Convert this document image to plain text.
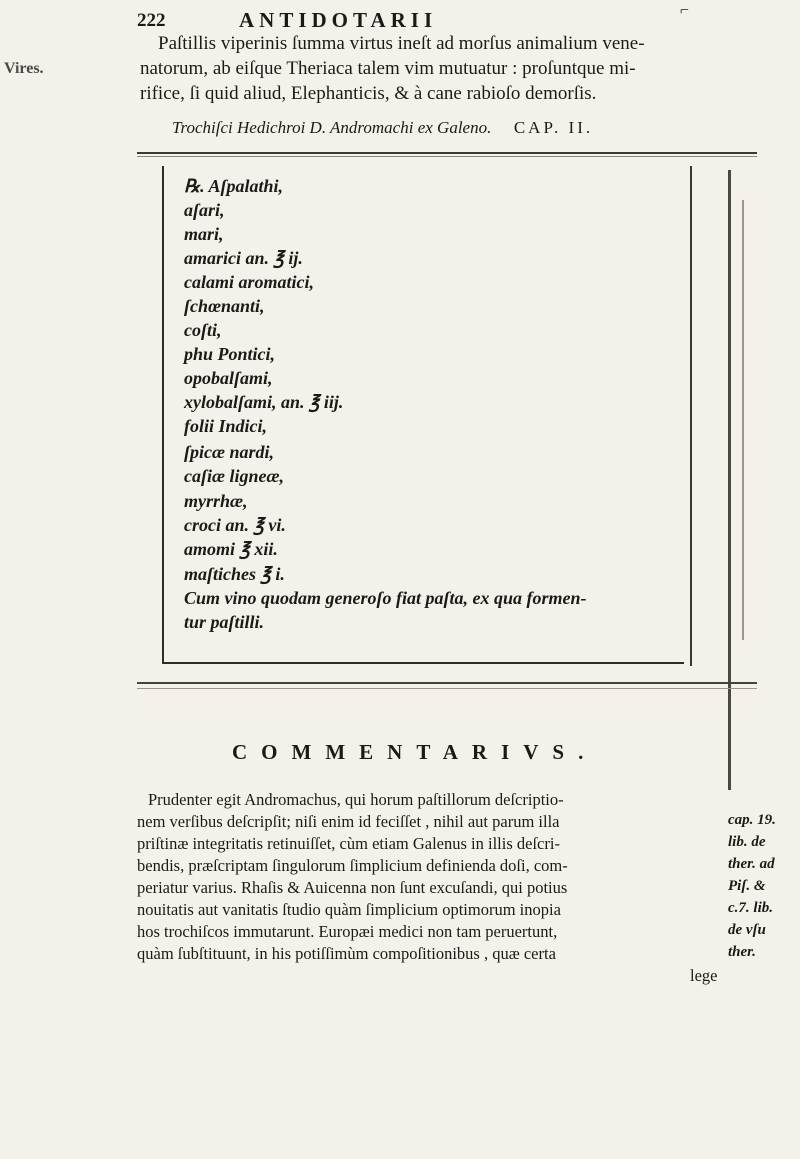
222	ANTIDOTARII	⌐
Vires.
Paſtillis viperinis ſumma virtus ineſt ad morſus animalium vene-
natorum, ab eiſque Theriaca talem vim mutuatur : proſuntque mi-
rifice, ſi quid aliud, Elephanticis, & à cane rabioſo demorſis.
Trochiſci Hedichroi D. Andromachi ex Galeno. CAP. II.
℞. Aſpalathi,
aſari,
mari,
amarici an. ℥ ij.
calami aromatici,
ſchœnanti,
coſti,
phu Pontici,
opobalſami,
xylobalſami, an. ℥ iij.
folii Indici,
ſpicæ nardi,
caſiæ ligneæ,
myrrhæ,
croci an. ℥ vi.
amomi ℥ xii.
maſtiches ℥ i.
Cum vino quodam generoſo fiat paſta, ex qua formen-
tur paſtilli.
COMMENTARIVS.
Prudenter egit Andromachus, qui horum paſtillorum deſcriptio-
nem verſibus deſcripſit; niſi enim id feciſſet , nihil aut parum illa
priſtinæ integritatis retinuiſſet, cùm etiam Galenus in illis deſcri-
bendis, præſcriptam ſingulorum ſimplicium definienda doſi, com-
periatur varius. Rhaſis & Auicenna non ſunt excuſandi, qui potius
nouitatis aut vanitatis ſtudio quàm ſimplicium optimorum inopia
hos trochiſcos immutarunt. Europæi medici non tam peruertunt,
quàm ſubſtituunt, in his potiſſimùm compoſitionibus , quæ certa
lege
cap. 19.
lib. de
ther. ad
Piſ. &
c.7. lib.
de vſu
ther.
